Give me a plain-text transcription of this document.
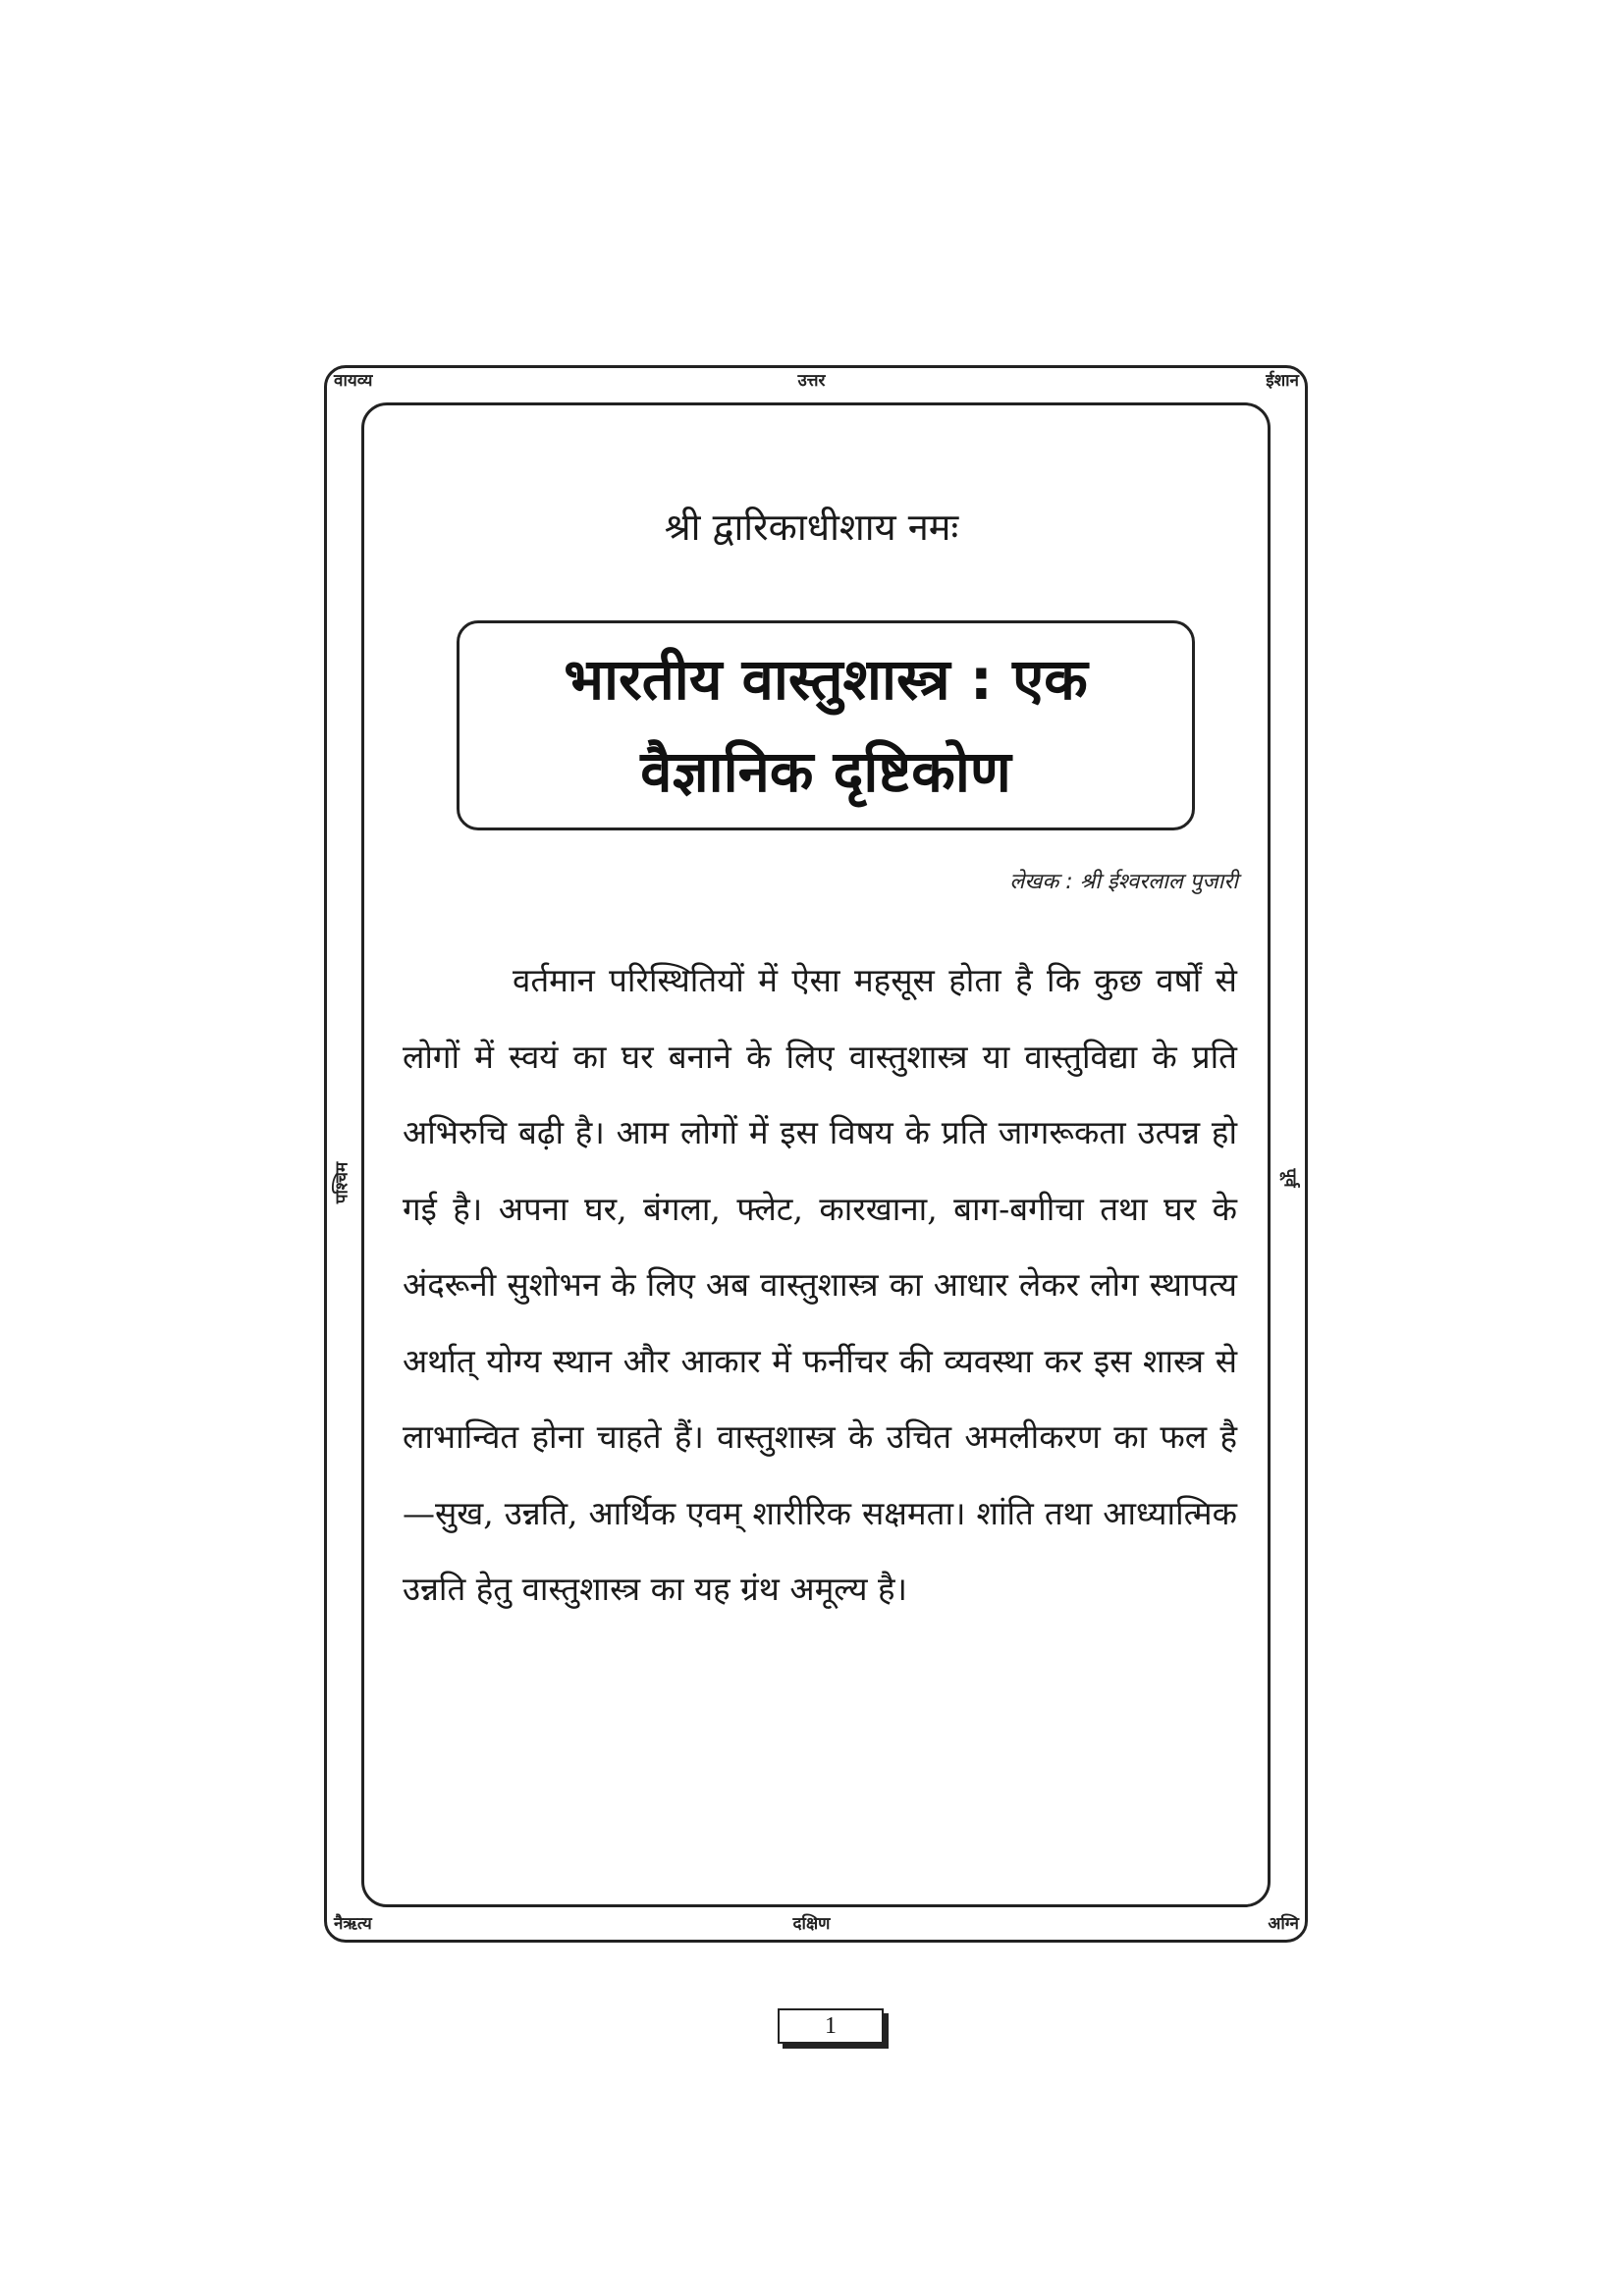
वायव्य	उत्तर	ईशान
पश्चिम	पूर्व
नैऋत्य	दक्षिण	अग्नि
श्री द्वारिकाधीशाय नमः
भारतीय वास्तुशास्त्र : एक
वैज्ञानिक दृष्टिकोण
लेखक : श्री ईश्वरलाल पुजारी

वर्तमान परिस्थितियों में ऐसा महसूस होता है कि कुछ वर्षों से लोगों में स्वयं का घर बनाने के लिए वास्तुशास्त्र या वास्तुविद्या के प्रति अभिरुचि बढ़ी है। आम लोगों में इस विषय के प्रति जागरूकता उत्पन्न हो गई है। अपना घर, बंगला, फ्लेट, कारखाना, बाग-बगीचा तथा घर के अंदरूनी सुशोभन के लिए अब वास्तुशास्त्र का आधार लेकर लोग स्थापत्य अर्थात् योग्य स्थान और आकार में फर्नीचर की व्यवस्था कर इस शास्त्र से लाभान्वित होना चाहते हैं। वास्तुशास्त्र के उचित अमलीकरण का फल है—सुख, उन्नति, आर्थिक एवम् शारीरिक सक्षमता। शांति तथा आध्यात्मिक उन्नति हेतु वास्तुशास्त्र का यह ग्रंथ अमूल्य है।

1
